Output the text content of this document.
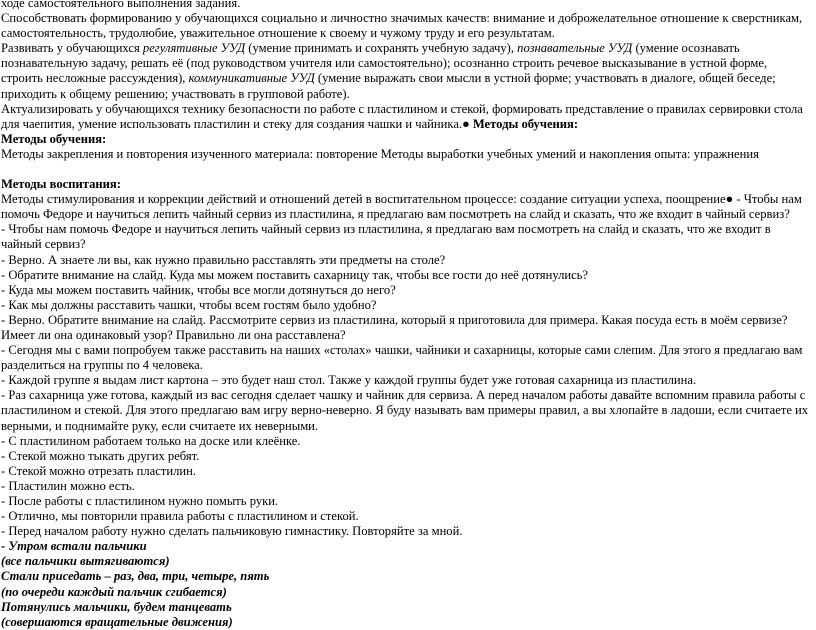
ходе самостоятельного выполнения задания.

Способствовать формированию у обучающихся социально и личностно значимых качеств: внимание и доброжелательное отношение к сверстникам, самостоятельность, трудолюбие, уважительное отношение к своему и чужому труду и его результатам.

Развивать у обучающихся регулятивные УУД (умение принимать и сохранять учебную задачу), познавательные УУД (умение осознавать познавательную задачу, решать её (под руководством учителя или самостоятельно); осознанно строить речевое высказывание в устной форме, строить несложные рассуждения), коммуникативные УУД (умение выражать свои мысли в устной форме; участвовать в диалоге, общей беседе; приходить к общему решению; участвовать в групповой работе).

Актуализировать у обучающихся технику безопасности по работе с пластилином и стекой, формировать представление о правилах сервировки стола для чаепития, умение использовать пластилин и стеку для создания чашки и чайника.● Методы обучения:

Методы обучения:

Методы закрепления и повторения изученного материала: повторение Методы выработки учебных умений и накопления опыта: упражнения

Методы воспитания:

Методы стимулирования и коррекции действий и отношений детей в воспитательном процессе: создание ситуации успеха, поощрение● - Чтобы нам помочь Федоре и научиться лепить чайный сервиз из пластилина, я предлагаю вам посмотреть на слайд и сказать, что же входит в чайный сервиз?

- Чтобы нам помочь Федоре и научиться лепить чайный сервиз из пластилина, я предлагаю вам посмотреть на слайд и сказать, что же входит в чайный сервиз?

- Верно. А знаете ли вы, как нужно правильно расставлять эти предметы на столе?

- Обратите внимание на слайд. Куда мы можем поставить сахарницу так, чтобы все гости до неё дотянулись?

- Куда мы можем поставить чайник, чтобы все могли дотянуться до него?

- Как мы должны расставить чашки, чтобы всем гостям было удобно?

- Верно. Обратите внимание на слайд. Рассмотрите сервиз из пластилина, который я приготовила для примера. Какая посуда есть в моём сервизе? Имеет ли она одинаковый узор? Правильно ли она расставлена?

- Сегодня мы с вами попробуем также расставить на наших «столах» чашки, чайники и сахарницы, которые сами слепим. Для этого я предлагаю вам разделиться на группы по 4 человека.

- Каждой группе я выдам лист картона – это будет наш стол. Также у каждой группы будет уже готовая сахарница из пластилина.

- Раз сахарница уже готова, каждый из вас сегодня сделает чашку и чайник для сервиза. А перед началом работы давайте вспомним правила работы с пластилином и стекой. Для этого предлагаю вам игру верно-неверно. Я буду называть вам примеры правил, а вы хлопайте в ладоши, если считаете их верными, и поднимайте руку, если считаете их неверными.

- С пластилином работаем только на доске или клеёнке.

- Стекой можно тыкать других ребят.

- Стекой можно отрезать пластилин.

- Пластилин можно есть.

- После работы с пластилином нужно помыть руки.

- Отлично, мы повторили правила работы с пластилином и стекой.

- Перед началом работу нужно сделать пальчиковую гимнастику. Повторяйте за мной.

- Утром встали пальчики

(все пальчики вытягиваются)

Стали приседать – раз, два, три, четыре, пять

(по очереди каждый пальчик сгибается)

Потянулись мальчики, будем танцевать

(совершаются вращательные движения)
